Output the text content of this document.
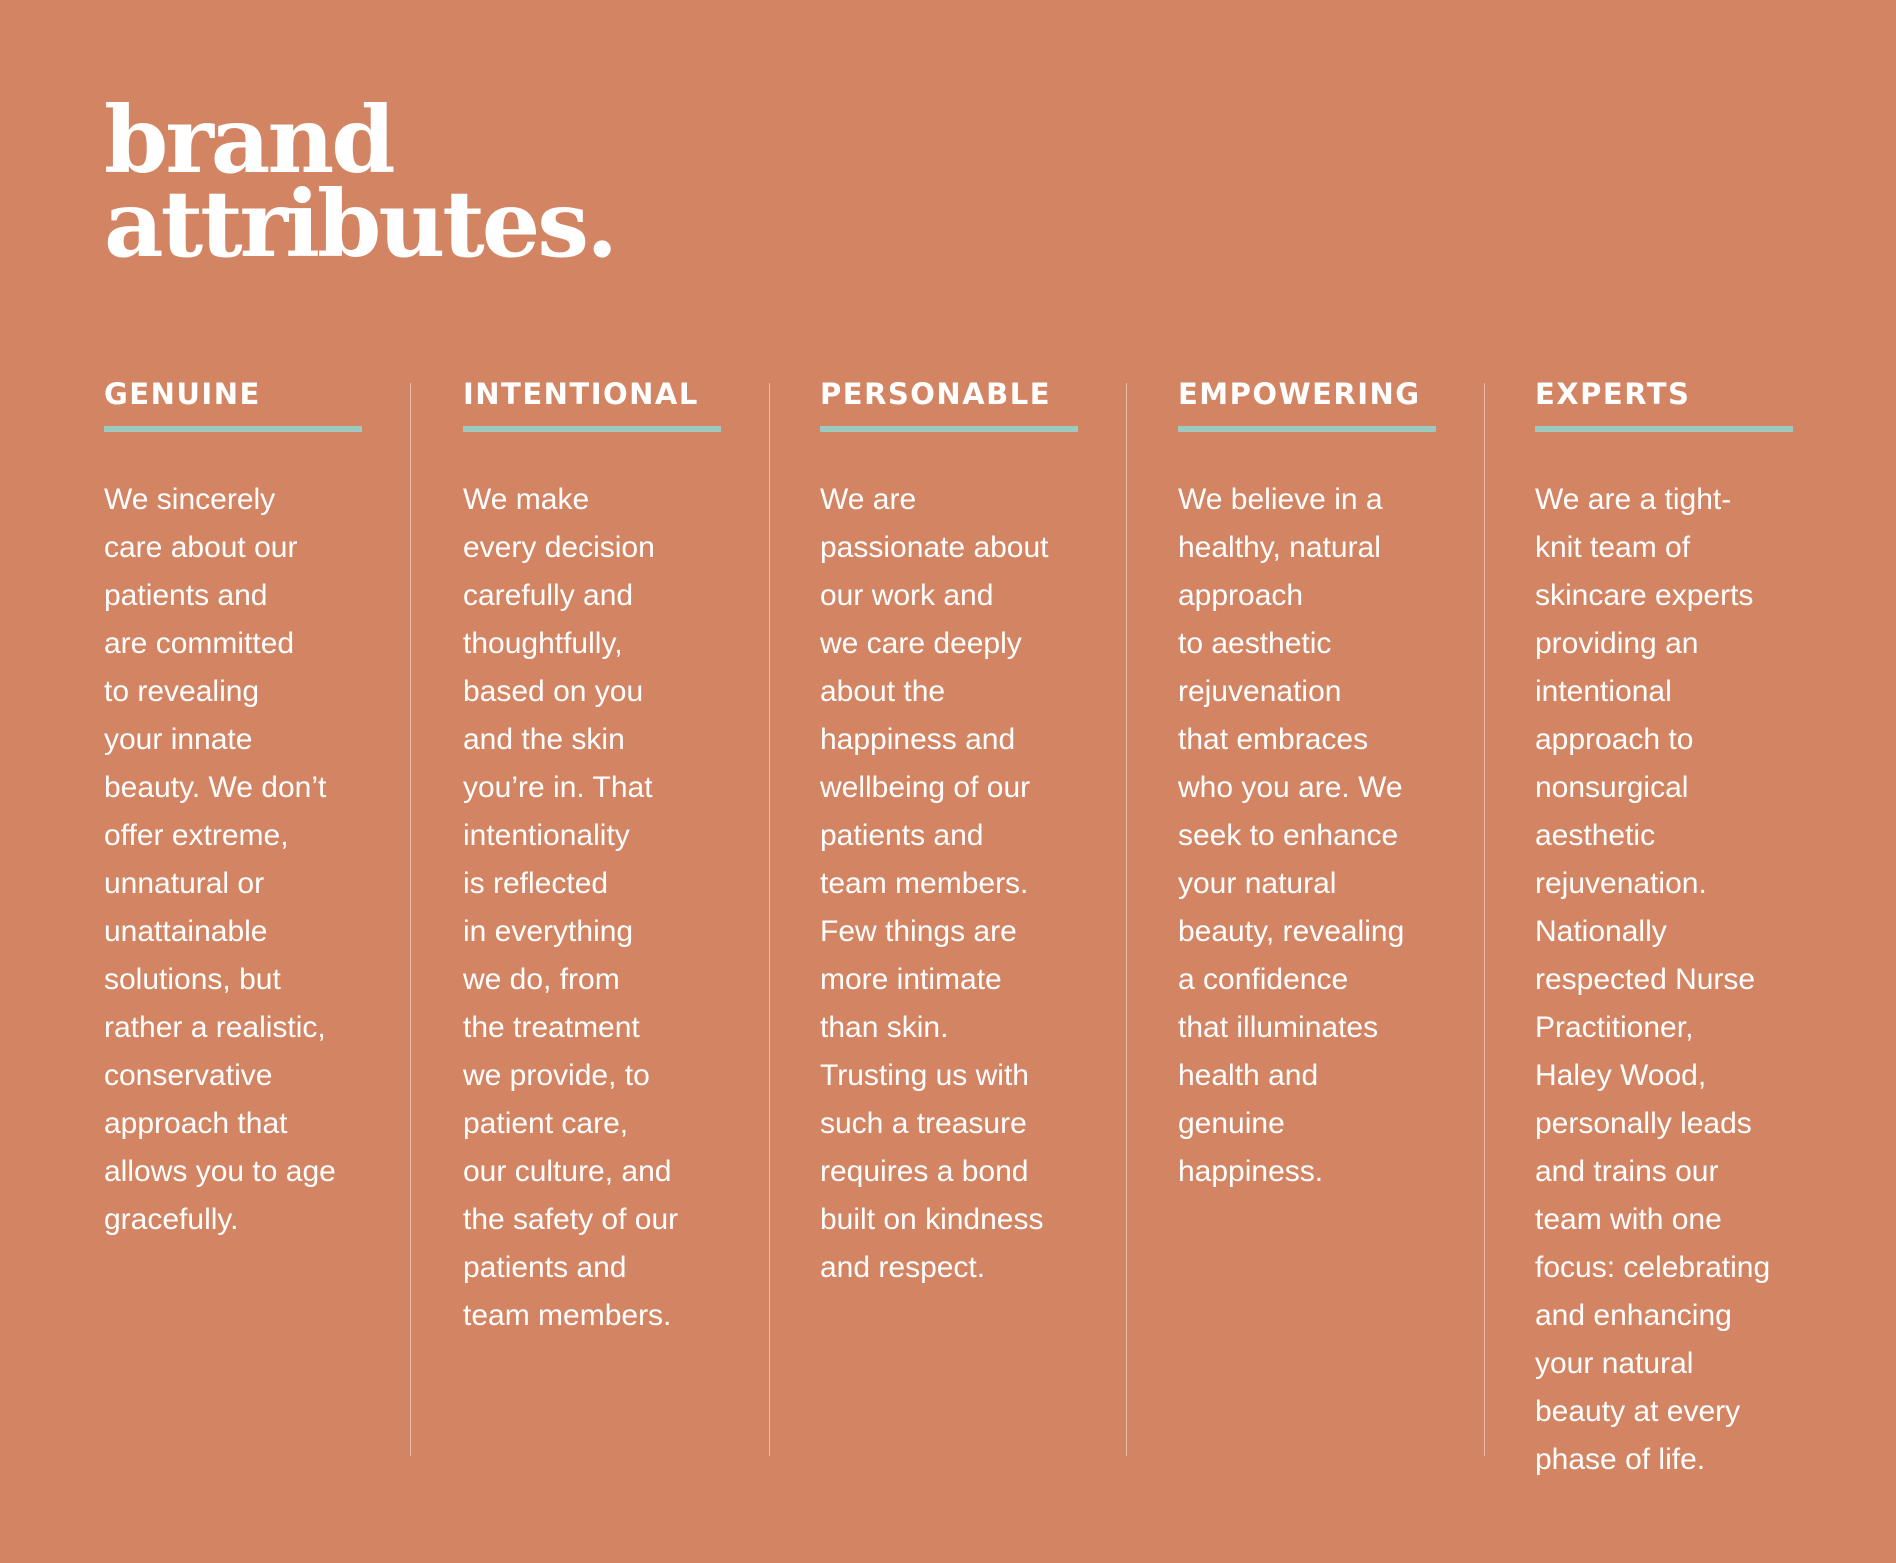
brand
attributes.
GENUINE
We sincerely
care about our
patients and
are committed
to revealing
your innate
beauty. We don’t
offer extreme,
unnatural or
unattainable
solutions, but
rather a realistic,
conservative
approach that
allows you to age
gracefully.
INTENTIONAL
We make
every decision
carefully and
thoughtfully,
based on you
and the skin
you’re in. That
intentionality
is reflected
in everything
we do, from
the treatment
we provide, to
patient care,
our culture, and
the safety of our
patients and
team members.
PERSONABLE
We are
passionate about
our work and
we care deeply
about the
happiness and
wellbeing of our
patients and
team members.
Few things are
more intimate
than skin.
Trusting us with
such a treasure
requires a bond
built on kindness
and respect.
EMPOWERING
We believe in a
healthy, natural
approach
to aesthetic
rejuvenation
that embraces
who you are. We
seek to enhance
your natural
beauty, revealing
a confidence
that illuminates
health and
genuine
happiness.
EXPERTS
We are a tight-
knit team of
skincare experts
providing an
intentional
approach to
nonsurgical
aesthetic
rejuvenation.
Nationally
respected Nurse
Practitioner,
Haley Wood,
personally leads
and trains our
team with one
focus: celebrating
and enhancing
your natural
beauty at every
phase of life.
